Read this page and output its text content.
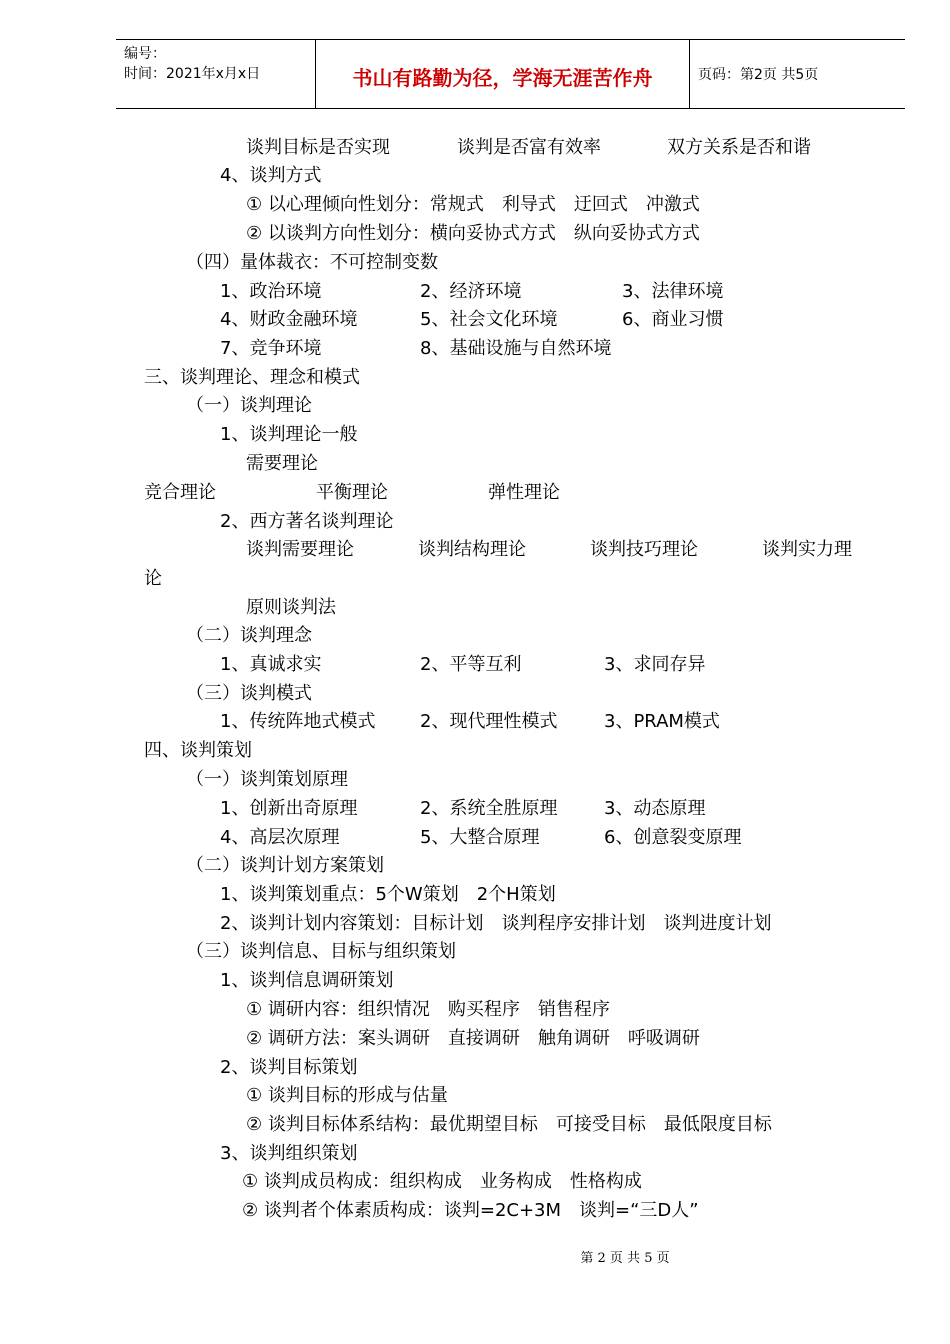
编号：
时间：2021年x月x日	书山有路勤为径，学海无涯苦作舟	页码：第2页 共5页
谈判目标是否实现	谈判是否富有效率	双方关系是否和谐
4、谈判方式
① 以心理倾向性划分：常规式　利导式　迂回式　冲激式
② 以谈判方向性划分：横向妥协式方式　纵向妥协式方式
（四）量体裁衣：不可控制变数
1、政治环境	2、经济环境	3、法律环境
4、财政金融环境	5、社会文化环境	6、商业习惯
7、竞争环境	8、基础设施与自然环境
三、谈判理论、理念和模式
（一）谈判理论
1、谈判理论一般
需要理论
竞合理论	平衡理论	弹性理论
2、西方著名谈判理论
谈判需要理论	谈判结构理论	谈判技巧理论	谈判实力理
论
原则谈判法
（二）谈判理念
1、真诚求实	2、平等互利	3、求同存异
（三）谈判模式
1、传统阵地式模式 2、现代理性模式	3、PRAM模式
四、谈判策划
（一）谈判策划原理
1、创新出奇原理	2、系统全胜原理	3、动态原理
4、高层次原理	5、大整合原理	6、创意裂变原理
（二）谈判计划方案策划
1、谈判策划重点：5个W策划　2个H策划
2、谈判计划内容策划：目标计划　谈判程序安排计划　谈判进度计划
（三）谈判信息、目标与组织策划
1、谈判信息调研策划
① 调研内容：组织情况　购买程序　销售程序
② 调研方法：案头调研　直接调研　触角调研　呼吸调研
2、谈判目标策划
① 谈判目标的形成与估量
② 谈判目标体系结构：最优期望目标　可接受目标　最低限度目标
3、谈判组织策划
① 谈判成员构成：组织构成　业务构成　性格构成
② 谈判者个体素质构成：谈判=2C+3M　谈判=“三D人”
第 2 页 共 5 页
